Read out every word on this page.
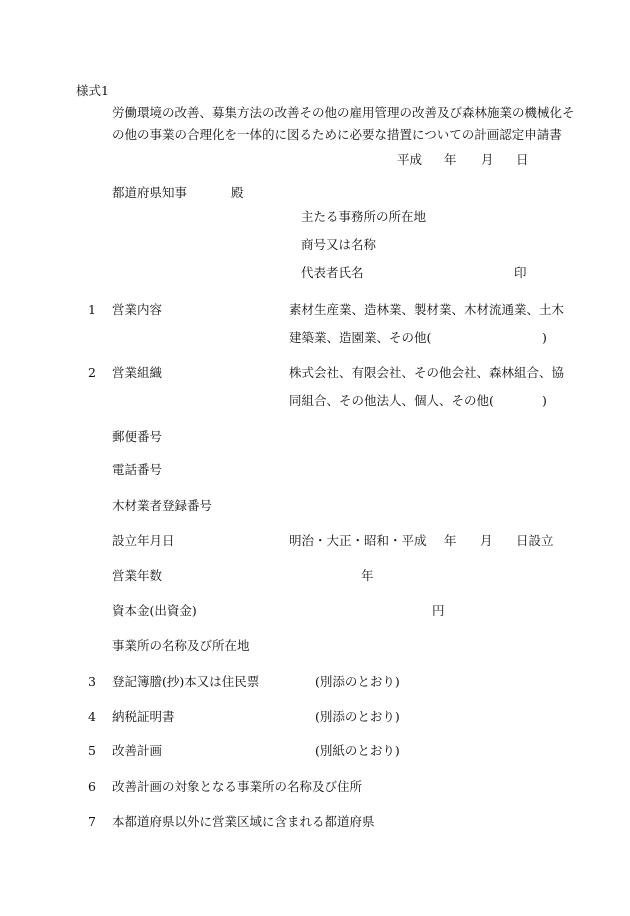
様式1
労働環境の改善、募集方法の改善その他の雇用管理の改善及び森林施業の機械化そ
の他の事業の合理化を一体的に図るために必要な措置についての計画認定申請書
平成 年 月 日
都道府県知事	殿
主たる事務所の所在地
商号又は名称
代表者氏名	印
1 営業内容	素材生産業、造林業、製材業、木材流通業、土木
建築業、造園業、その他(	)
2 営業組織	株式会社、有限会社、その他会社、森林組合、協
同組合、その他法人、個人、その他(	)
郵便番号
電話番号
木材業者登録番号
設立年月日	明治・大正・昭和・平成 年 月 日設立
営業年数	年
資本金(出資金)	円
事業所の名称及び所在地
3 登記簿謄(抄)本又は住民票	(別添のとおり)
4 納税証明書	(別添のとおり)
5 改善計画	(別紙のとおり)
6 改善計画の対象となる事業所の名称及び住所
7 本都道府県以外に営業区域に含まれる都道府県
